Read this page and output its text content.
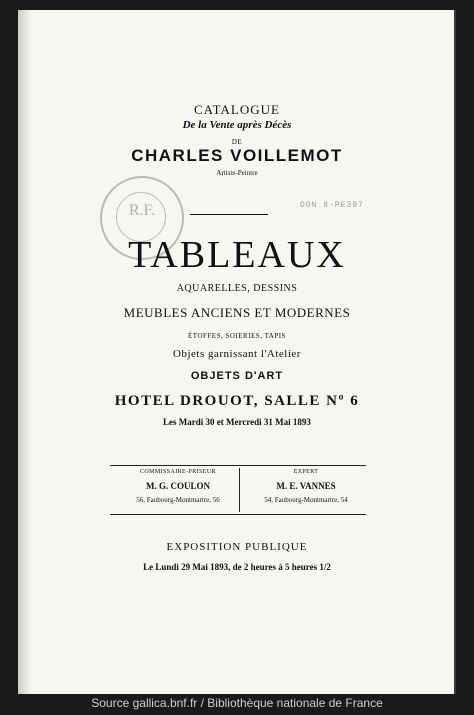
R.F.	DON 8-PE397
CATALOGUE
De la Vente après Décès
DE
CHARLES VOILLEMOT
Artiste-Peintre
TABLEAUX
AQUARELLES, DESSINS
MEUBLES ANCIENS ET MODERNES
ÉTOFFES, SOIERIES, TAPIS
Objets garnissant l'Atelier
OBJETS D'ART
HOTEL DROUOT, SALLE Nº 6
Les Mardi 30 et Mercredi 31 Mai 1893
COMMISSAIRE-PRISEUR
M. G. COULON
56, Faubourg-Montmartre, 56
EXPERT
M. E. VANNES
54, Faubourg-Montmartre, 54
EXPOSITION PUBLIQUE
Le Lundi 29 Mai 1893, de 2 heures à 5 heures 1/2
Source gallica.bnf.fr / Bibliothèque nationale de France
